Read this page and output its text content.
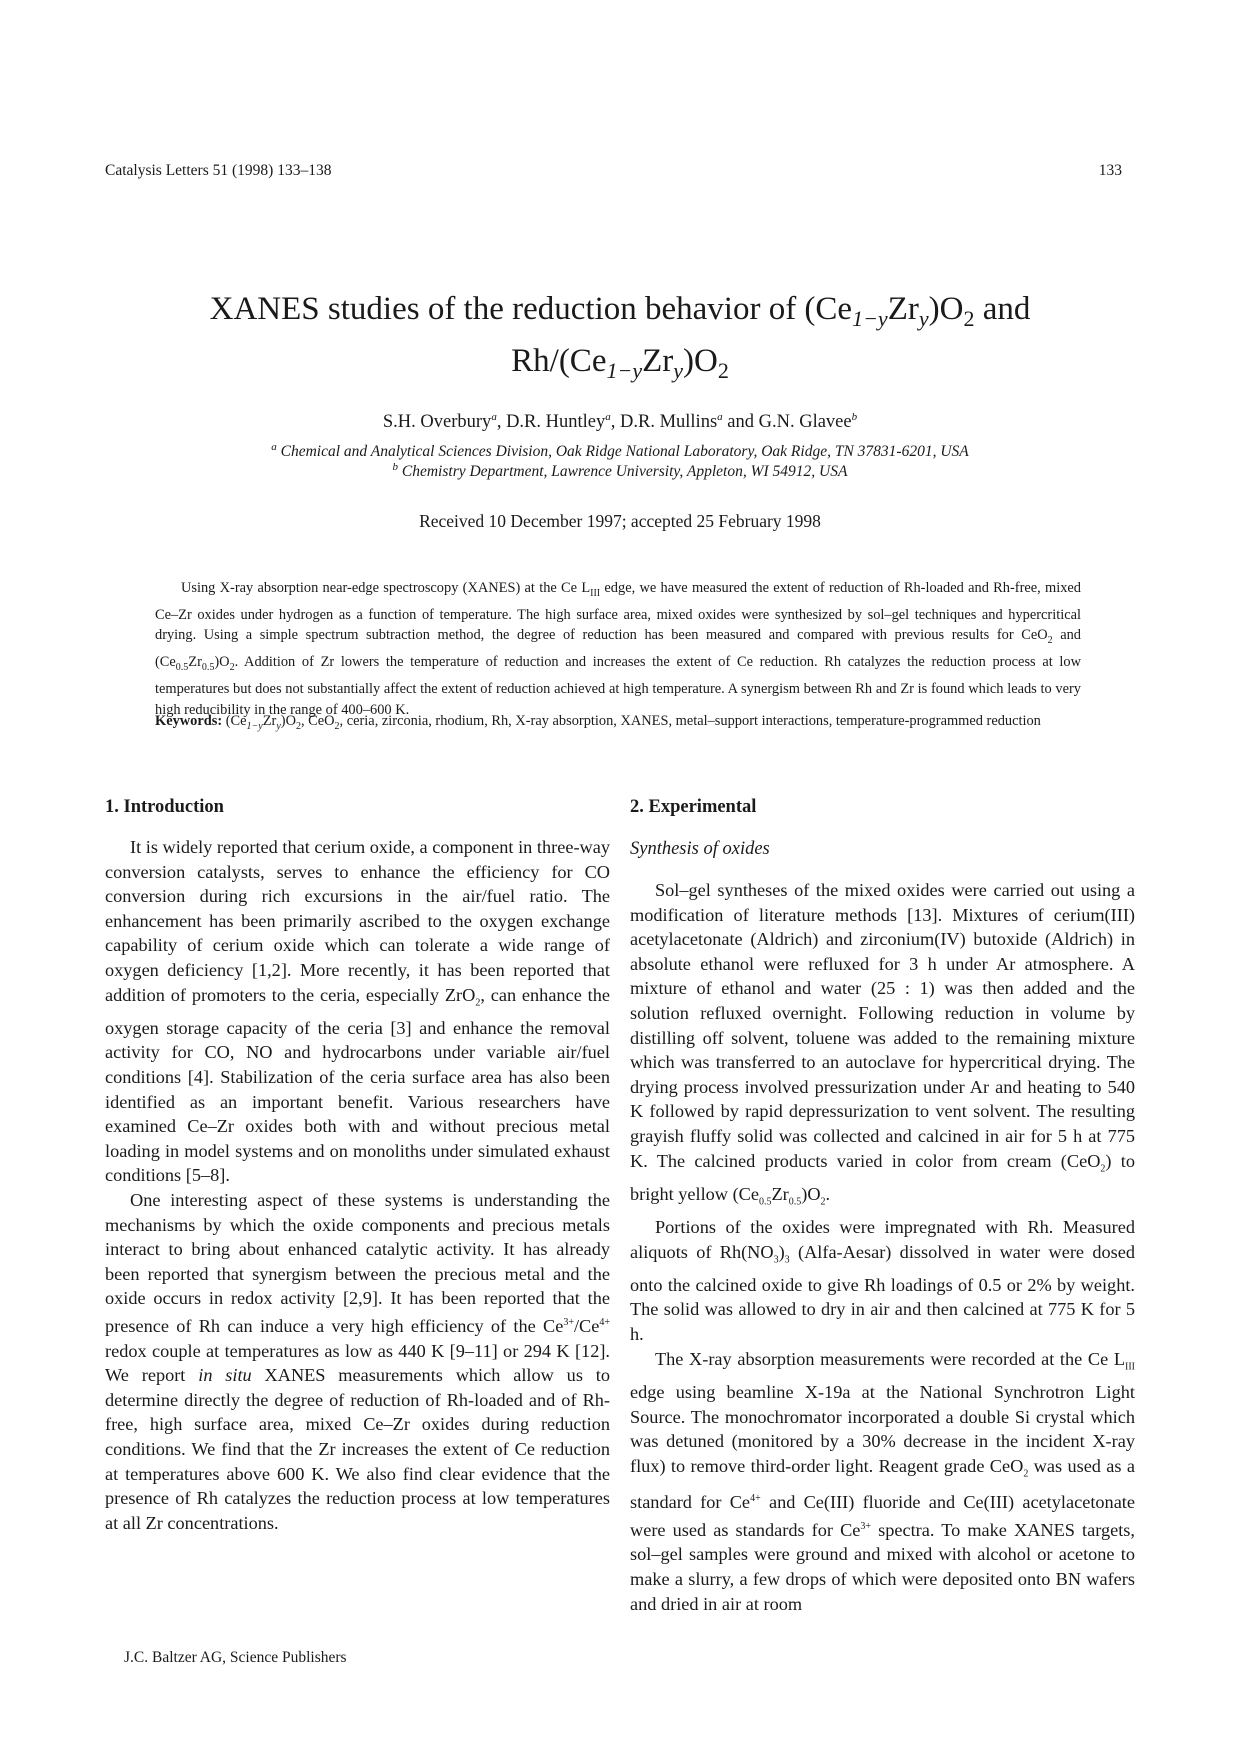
Catalysis Letters 51 (1998) 133–138	133
XANES studies of the reduction behavior of $(Ce_{1-y}Zr_y)O_2$ and
$Rh/(Ce_{1-y}Zr_y)O_2$
S.H. Overbury$^a$, D.R. Huntley$^a$, D.R. Mullins$^a$ and G.N. Glavee$^b$
$^a$ Chemical and Analytical Sciences Division, Oak Ridge National Laboratory, Oak Ridge, TN 37831-6201, USA
$^b$ Chemistry Department, Lawrence University, Appleton, WI 54912, USA
Received 10 December 1997; accepted 25 February 1998
Using X-ray absorption near-edge spectroscopy (XANES) at the Ce $L_{III}$ edge, we have measured the extent of reduction of Rh-loaded and Rh-free, mixed Ce–Zr oxides under hydrogen as a function of temperature. The high surface area, mixed oxides were synthesized by sol–gel techniques and hypercritical drying. Using a simple spectrum subtraction method, the degree of reduction has been measured and compared with previous results for CeO$_2$ and $(Ce_{0.5}Zr_{0.5})O_2$. Addition of Zr lowers the temperature of reduction and increases the extent of Ce reduction. Rh catalyzes the reduction process at low temperatures but does not substantially affect the extent of reduction achieved at high temperature. A synergism between Rh and Zr is found which leads to very high reducibility in the range of 400–600 K.
Keywords: $(Ce_{1-y}Zr_y)O_2$, CeO$_2$, ceria, zirconia, rhodium, Rh, X-ray absorption, XANES, metal–support interactions, temperature-programmed reduction
1. Introduction

It is widely reported that cerium oxide, a component in three-way conversion catalysts, serves to enhance the efficiency for CO conversion during rich excursions in the air/fuel ratio. The enhancement has been primarily ascribed to the oxygen exchange capability of cerium oxide which can tolerate a wide range of oxygen deficiency [1,2]. More recently, it has been reported that addition of promoters to the ceria, especially ZrO$_2$, can enhance the oxygen storage capacity of the ceria [3] and enhance the removal activity for CO, NO and hydrocarbons under variable air/fuel conditions [4]. Stabilization of the ceria surface area has also been identified as an important benefit. Various researchers have examined Ce–Zr oxides both with and without precious metal loading in model systems and on monoliths under simulated exhaust conditions [5–8].

One interesting aspect of these systems is understanding the mechanisms by which the oxide components and precious metals interact to bring about enhanced catalytic activity. It has already been reported that synergism between the precious metal and the oxide occurs in redox activity [2,9]. It has been reported that the presence of Rh can induce a very high efficiency of the $Ce^{3+}/Ce^{4+}$ redox couple at temperatures as low as 440 K [9–11] or 294 K [12]. We report in situ XANES measurements which allow us to determine directly the degree of reduction of Rh-loaded and of Rh-free, high surface area, mixed Ce–Zr oxides during reduction conditions. We find that the Zr increases the extent of Ce reduction at temperatures above 600 K. We also find clear evidence that the presence of Rh catalyzes the reduction process at low temperatures at all Zr concentrations.

2. Experimental
Synthesis of oxides

Sol–gel syntheses of the mixed oxides were carried out using a modification of literature methods [13]. Mixtures of cerium(III) acetylacetonate (Aldrich) and zirconium(IV) butoxide (Aldrich) in absolute ethanol were refluxed for 3 h under Ar atmosphere. A mixture of ethanol and water (25 : 1) was then added and the solution refluxed overnight. Following reduction in volume by distilling off solvent, toluene was added to the remaining mixture which was transferred to an autoclave for hypercritical drying. The drying process involved pressurization under Ar and heating to 540 K followed by rapid depressurization to vent solvent. The resulting grayish fluffy solid was collected and calcined in air for 5 h at 775 K. The calcined products varied in color from cream (CeO$_2$) to bright yellow $(Ce_{0.5}Zr_{0.5})O_2$.

Portions of the oxides were impregnated with Rh. Measured aliquots of $Rh(NO_3)_3$ (Alfa-Aesar) dissolved in water were dosed onto the calcined oxide to give Rh loadings of 0.5 or 2% by weight. The solid was allowed to dry in air and then calcined at 775 K for 5 h.

The X-ray absorption measurements were recorded at the Ce $L_{III}$ edge using beamline X-19a at the National Synchrotron Light Source. The monochromator incorporated a double Si crystal which was detuned (monitored by a 30% decrease in the incident X-ray flux) to remove third-order light. Reagent grade CeO$_2$ was used as a standard for $Ce^{4+}$ and Ce(III) fluoride and Ce(III) acetylacetonate were used as standards for $Ce^{3+}$ spectra. To make XANES targets, sol–gel samples were ground and mixed with alcohol or acetone to make a slurry, a few drops of which were deposited onto BN wafers and dried in air at room

J.C. Baltzer AG, Science Publishers
